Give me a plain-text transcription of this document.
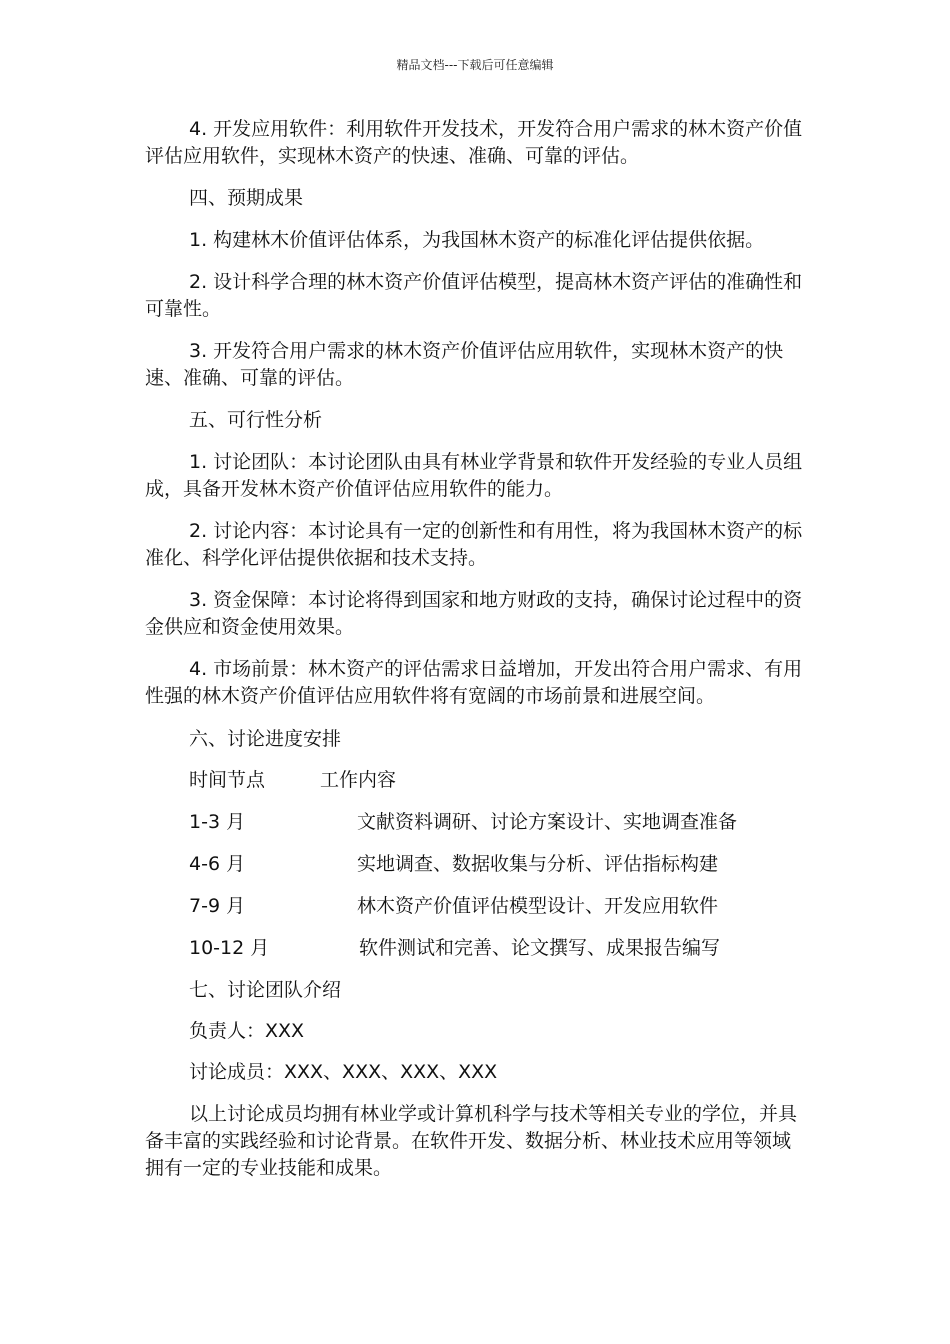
精品文档---下载后可任意编辑

4. 开发应用软件：利用软件开发技术，开发符合用户需求的林木资产价值评估应用软件，实现林木资产的快速、准确、可靠的评估。

四、预期成果

1. 构建林木价值评估体系，为我国林木资产的标准化评估提供依据。

2. 设计科学合理的林木资产价值评估模型，提高林木资产评估的准确性和可靠性。

3. 开发符合用户需求的林木资产价值评估应用软件，实现林木资产的快速、准确、可靠的评估。

五、可行性分析

1. 讨论团队：本讨论团队由具有林业学背景和软件开发经验的专业人员组成，具备开发林木资产价值评估应用软件的能力。

2. 讨论内容：本讨论具有一定的创新性和有用性，将为我国林木资产的标准化、科学化评估提供依据和技术支持。

3. 资金保障：本讨论将得到国家和地方财政的支持，确保讨论过程中的资金供应和资金使用效果。

4. 市场前景：林木资产的评估需求日益增加，开发出符合用户需求、有用性强的林木资产价值评估应用软件将有宽阔的市场前景和进展空间。

六、讨论进度安排
时间节点	工作内容
1-3 月	文献资料调研、讨论方案设计、实地调查准备
4-6 月	实地调查、数据收集与分析、评估指标构建
7-9 月	林木资产价值评估模型设计、开发应用软件
10-12 月	软件测试和完善、论文撰写、成果报告编写
七、讨论团队介绍
负责人：XXX
讨论成员：XXX、XXX、XXX、XXX

以上讨论成员均拥有林业学或计算机科学与技术等相关专业的学位，并具备丰富的实践经验和讨论背景。在软件开发、数据分析、林业技术应用等领域拥有一定的专业技能和成果。
